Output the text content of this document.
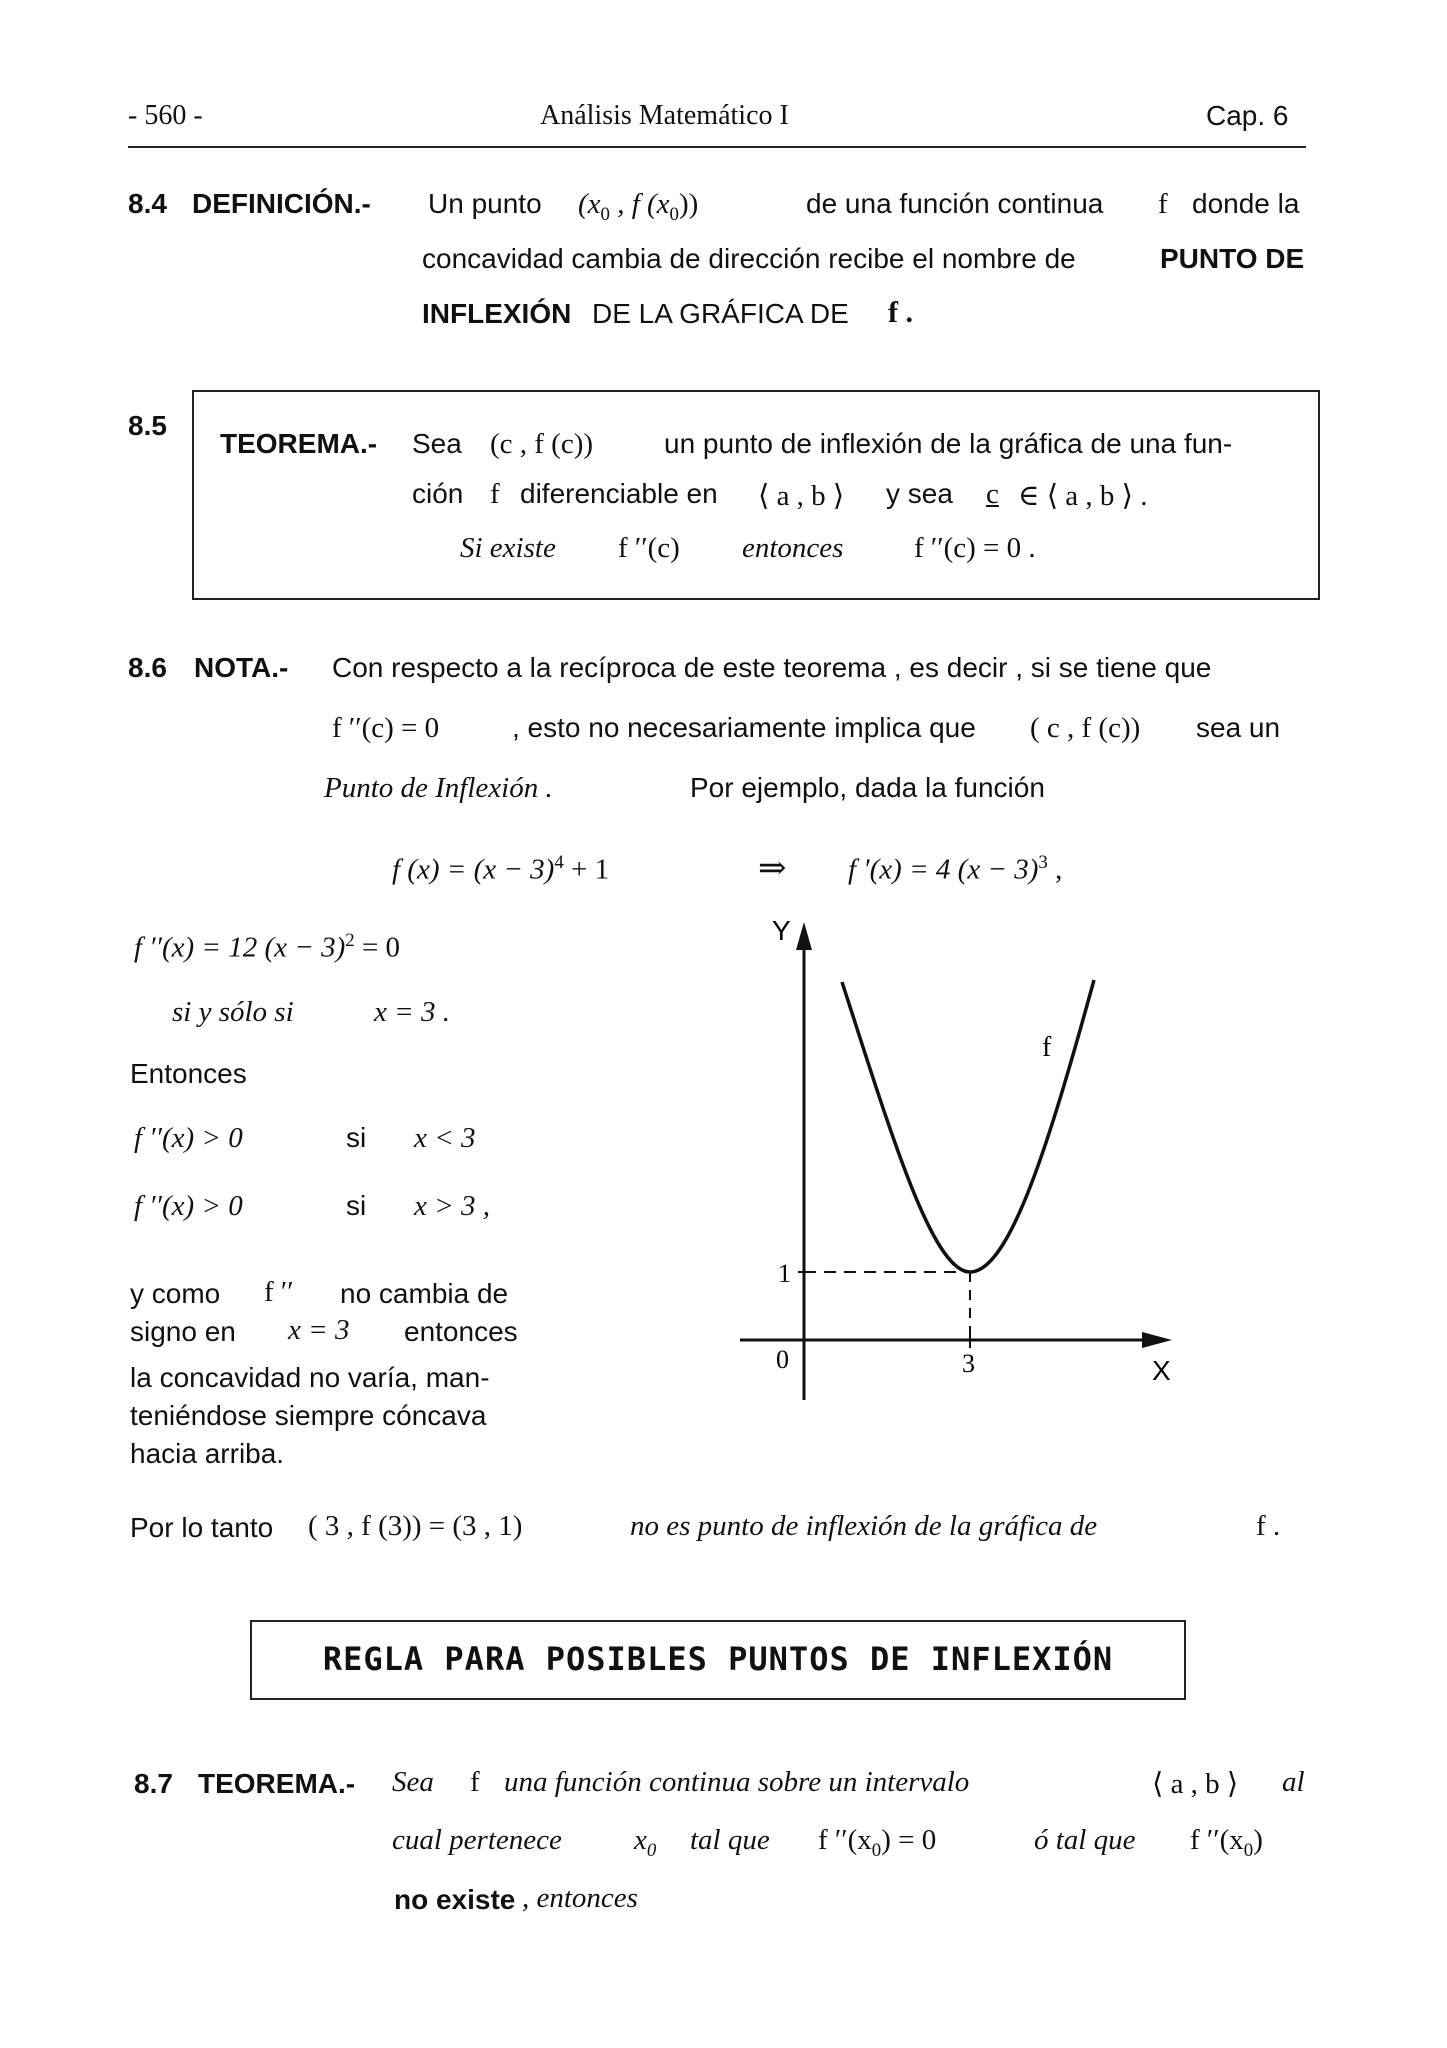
- 560 -	Análisis Matemático I	Cap. 6
8.4 DEFINICIÓN.- Un punto ($x_0$ , f $(x_0)$)	de una función continua f donde la
concavidad cambia de dirección recibe el nombre de	PUNTO DE
INFLEXIÓN DE LA GRÁFICA DE f .
8.5
TEOREMA.- Sea (c , f (c))	un punto de inflexión de la gráfica de una fun-
ción f diferenciable en ⟨ a , b ⟩ y sea c ∈ ⟨ a , b ⟩ .
Si existe f ′′(c) entonces f ′′(c) = 0 .
8.6 NOTA.- Con respecto a la recíproca de este teorema , es decir , si se tiene que
f ′′(c) = 0	, esto no necesariamente implica que ( c , f (c)) sea un
Punto de Inflexión .	Por ejemplo, dada la función
f $(x) = (x - 3)^4 + 1$	⇒ f ′(x) = 4 $(x - 3)^3$ ,
f ′′(x) = 12 $(x - 3)^2 = 0$
si y sólo si	x = 3 .
Entonces
f ′′(x) > 0	si x < 3
f ′′(x) > 0	si x > 3 ,
y como f ′′ no cambia de
signo en x = 3 entonces
la concavidad no varía, man-
teniéndose siempre cóncava
hacia arriba.
Por lo tanto ( 3 , f (3)) = (3 , 1)	no es punto de inflexión de la gráfica de	f .
Y
X
f
0	3
1
REGLA PARA POSIBLES PUNTOS DE INFLEXIÓN
8.7 TEOREMA.- Sea f una función continua sobre un intervalo	⟨ a , b ⟩ al
cual pertenece $x_0$ tal que f $''(x_0) = 0$	ó tal que f $''(x_0)$
no existe , entonces
